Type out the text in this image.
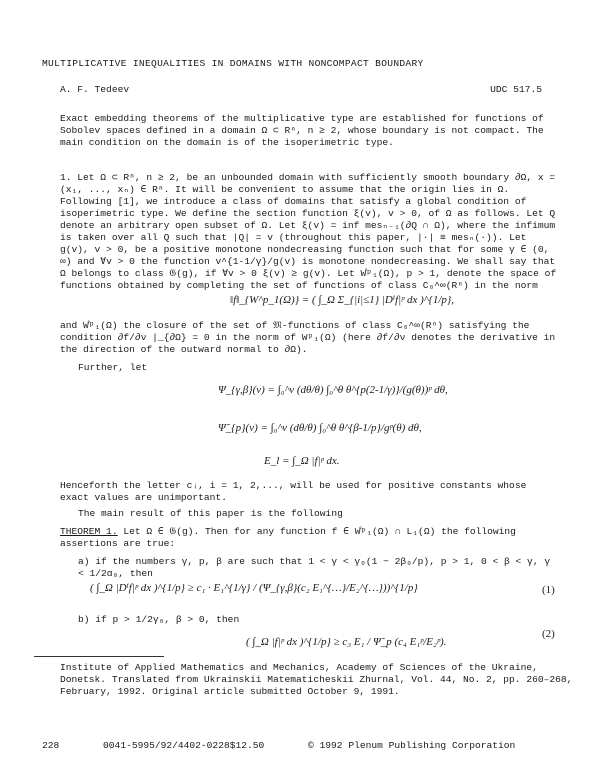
MULTIPLICATIVE INEQUALITIES IN DOMAINS WITH NONCOMPACT BOUNDARY
A. F. Tedeev	UDC 517.5
Exact embedding theorems of the multiplicative type are established for functions of Sobolev spaces defined in a domain Ω ⊂ Rⁿ, n ≥ 2, whose boundary is not compact. The main condition on the domain is of the isoperimetric type.
1. Let Ω ⊂ Rⁿ, n ≥ 2, be an unbounded domain with sufficiently smooth boundary ∂Ω, x = (x₁, ..., xₙ) ∈ Rⁿ. It will be convenient to assume that the origin lies in Ω. Following [1], we introduce a class of domains that satisfy a global condition of isoperimetric type. We define the section function ξ(v), v > 0, of Ω as follows. Let Q denote an arbitrary open subset of Ω. Let ξ(v) = inf mesₙ₋₁(∂Q ∩ Ω), where the infimum is taken over all Q such that |Q| = v (throughout this paper, |·| ≡ mesₙ(·)). Let g(v), v > 0, be a positive monotone nondecreasing function such that for some γ ∈ (0, ∞) and ∀v > 0 the function v^{1-1/γ}/g(v) is monotone nondecreasing. We shall say that Ω belongs to class 𝔊(g), if ∀v > 0 ξ(v) ≥ g(v). Let W̊ᵖ₁(Ω), p > 1, denote the space of functions obtained by completing the set of functions of class C₀^∞(Rⁿ) in the norm
‖f‖_{W^p_1(Ω)} = ( ∫_Ω Σ_{|i|≤1} |Dⁱf|ᵖ dx )^{1/p},
and W̊ᵖ₁(Ω) the closure of the set of 𝔐-functions of class C₀^∞(Rⁿ) satisfying the condition ∂f/∂ν |_{∂Ω} = 0 in the norm of Wᵖ₁(Ω) (here ∂f/∂ν denotes the derivative in the direction of the outward normal to ∂Ω).
Further, let
Ψ_{γ,β}(v) = ∫₀^v (dθ/θ) ∫₀^θ θ^{p(2-1/γ)}/(g(θ))ᵖ dθ,
Ψ̃_{p}(v) = ∫₀^v (dθ/θ) ∫₀^θ θ^{β-1/p}/gᵖ(θ) dθ,
E_l = ∫_Ω |f|ᵖ dx.
Henceforth the letter cᵢ, i = 1, 2,..., will be used for positive constants whose exact values are unimportant.
The main result of this paper is the following
THEOREM 1. Let Ω ∈ 𝔊(g). Then for any function f ∈ W̊ᵖ₁(Ω) ∩ L₁(Ω) the following assertions are true:
a) if the numbers γ, p, β are such that 1 < γ < γ₀(1 − 2β₀/p), p > 1, 0 < β < γ, γ < 1/2α₀, then
( ∫_Ω |Dⁱf|ᵖ dx )^{1/p} ≥ c₁ · E₁^{1/γ} / (Ψ_{γ,β}(c₂ E₁^{…}/E₂^{…}))^{1/p}	(1)
b) if p > 1/2γ₀, β > 0, then
( ∫_Ω |f|ᵖ dx )^{1/p} ≥ c₃ E₁ / Ψ̃_p (c₄ E₁ᵖ/E₂ᵖ).
(2)
Institute of Applied Mathematics and Mechanics, Academy of Sciences of the Ukraine, Donetsk. Translated from Ukrainskii Matematicheskii Zhurnal, Vol. 44, No. 2, pp. 260–268, February, 1992. Original article submitted October 9, 1991.
228	0041-5995/92/4402-0228$12.50	© 1992 Plenum Publishing Corporation
